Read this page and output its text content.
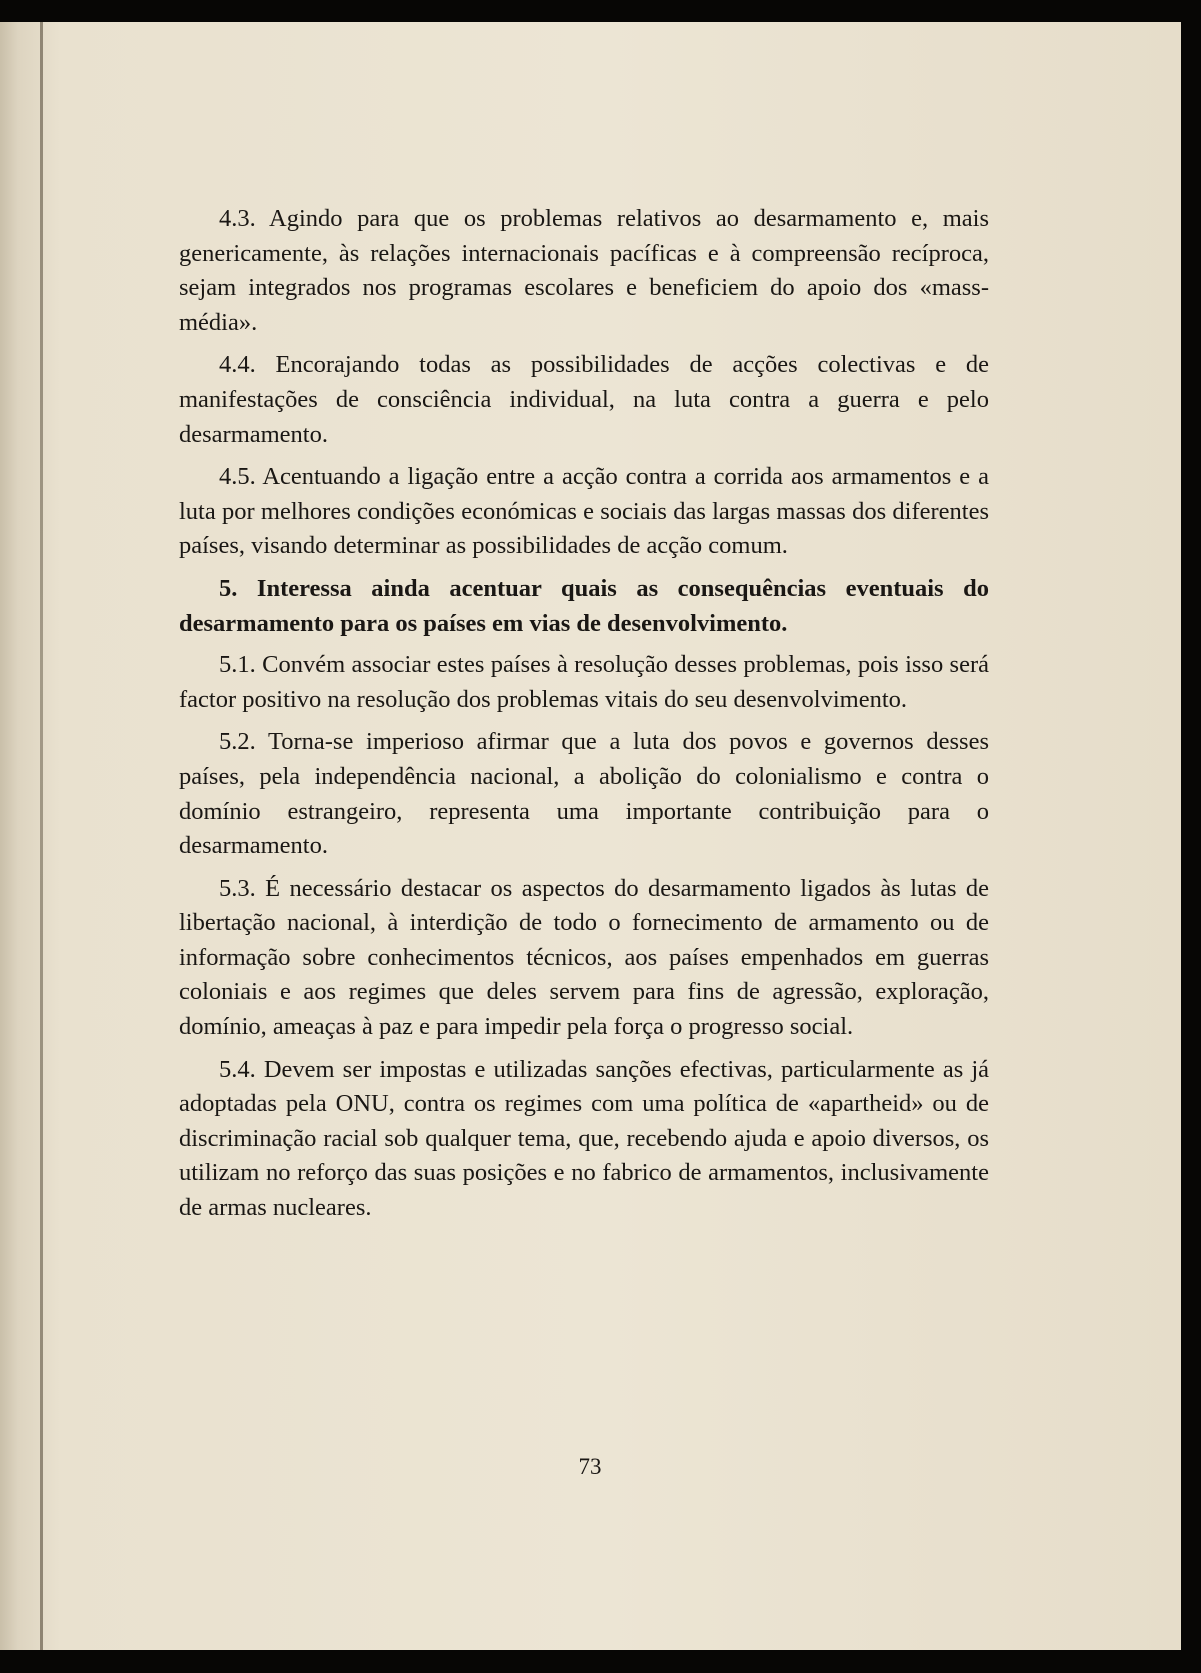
4.3. Agindo para que os problemas relativos ao desarmamento e, mais genericamente, às relações internacionais pacíficas e à compreensão recíproca, sejam integrados nos programas escolares e beneficiem do apoio dos «mass-média».

4.4. Encorajando todas as possibilidades de acções colectivas e de manifestações de consciência individual, na luta contra a guerra e pelo desarmamento.

4.5. Acentuando a ligação entre a acção contra a corrida aos armamentos e a luta por melhores condições económicas e sociais das largas massas dos diferentes países, visando determinar as possibilidades de acção comum.

5. Interessa ainda acentuar quais as consequências eventuais do desarmamento para os países em vias de desenvolvimento.

5.1. Convém associar estes países à resolução desses problemas, pois isso será factor positivo na resolução dos problemas vitais do seu desenvolvimento.

5.2. Torna-se imperioso afirmar que a luta dos povos e governos desses países, pela independência nacional, a abolição do colonialismo e contra o domínio estrangeiro, representa uma importante contribuição para o desarmamento.

5.3. É necessário destacar os aspectos do desarmamento ligados às lutas de libertação nacional, à interdição de todo o fornecimento de armamento ou de informação sobre conhecimentos técnicos, aos países empenhados em guerras coloniais e aos regimes que deles servem para fins de agressão, exploração, domínio, ameaças à paz e para impedir pela força o progresso social.

5.4. Devem ser impostas e utilizadas sanções efectivas, particularmente as já adoptadas pela ONU, contra os regimes com uma política de «apartheid» ou de discriminação racial sob qualquer tema, que, recebendo ajuda e apoio diversos, os utilizam no reforço das suas posições e no fabrico de armamentos, inclusivamente de armas nucleares.

73
